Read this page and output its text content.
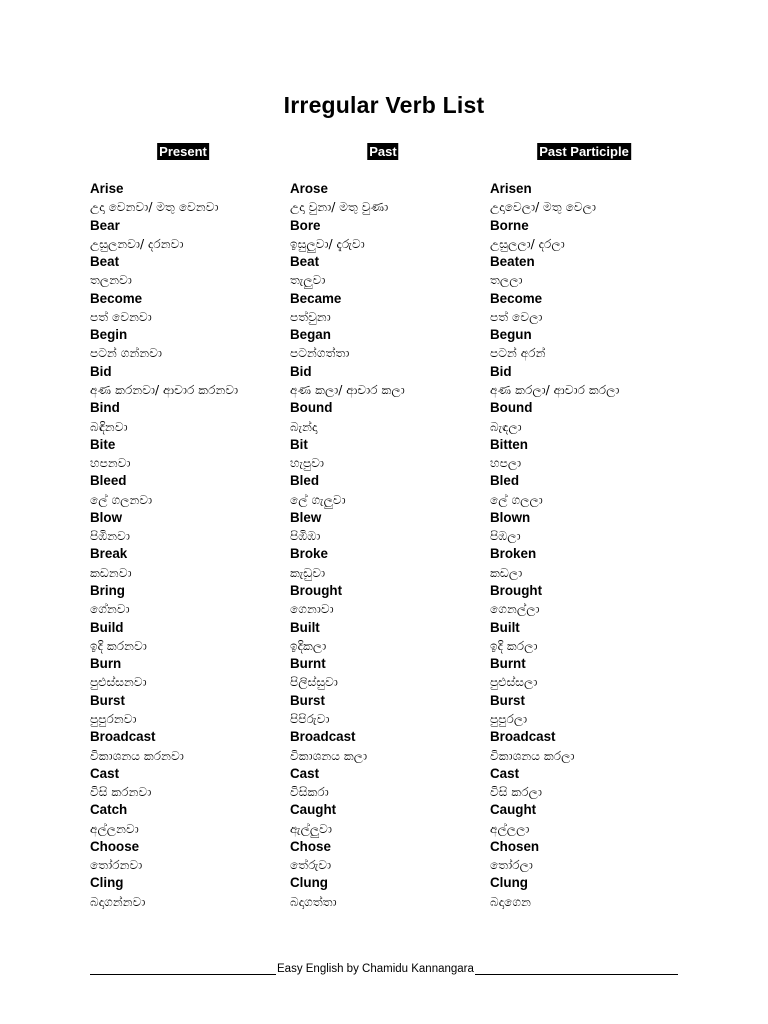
Irregular Verb List
Present	Past	Past Participle
Arise
උදා වෙනවා/ මතු වෙනවා
Bear
උසුලනවා/ දරනවා
Beat
තලනවා
Become
පත් වෙනවා
Begin
පටන් ගන්නවා
Bid
අණ කරනවා/ ආචාර කරනවා
Bind
බඳිනවා
Bite
හපනවා
Bleed
ලේ ගලනවා
Blow
පිඹිනවා
Break
කඩනවා
Bring
ගේනවා
Build
ඉදි කරනවා
Burn
පුළුස්සනවා
Burst
පුපුරනවා
Broadcast
විකාශනය කරනවා
Cast
විසි කරනවා
Catch
අල්ලනවා
Choose
තෝරනවා
Cling
බදාගන්නවා
Arose
උදා වුනා/ මතු වුණා
Bore
ඉසුලුවා/ දැරුවා
Beat
තැලුවා
Became
පත්වුනා
Began
පටන්ගත්තා
Bid
අණ කලා/ ආචාර කලා
Bound
බැන්දා
Bit
හැපුවා
Bled
ලේ ගැලුවා
Blew
පිඹිඹා
Broke
කැඩුවා
Brought
ගෙනාවා
Built
ඉදිකලා
Burnt
පිලිස්සුවා
Burst
පිපිරුවා
Broadcast
විකාශනය කලා
Cast
විසිකරා
Caught
ඇල්ලුවා
Chose
තේරුවා
Clung
බදාගත්තා
Arisen
උදාවෙලා/ මතු වෙලා
Borne
උසුලලා/ දරලා
Beaten
තලලා
Become
පත් වෙලා
Begun
පටන් අරන්
Bid
අණ කරලා/ ආචාර කරලා
Bound
බැඳලා
Bitten
හපලා
Bled
ලේ ගලලා
Blown
පිඹලා
Broken
කඩලා
Brought
ගෙනල්ලා
Built
ඉදි කරලා
Burnt
පුළුස්සලා
Burst
පුපුරලා
Broadcast
විකාශනය කරලා
Cast
විසි කරලා
Caught
අල්ලලා
Chosen
තෝරලා
Clung
බදාගෙන
Easy English by Chamidu Kannangara
